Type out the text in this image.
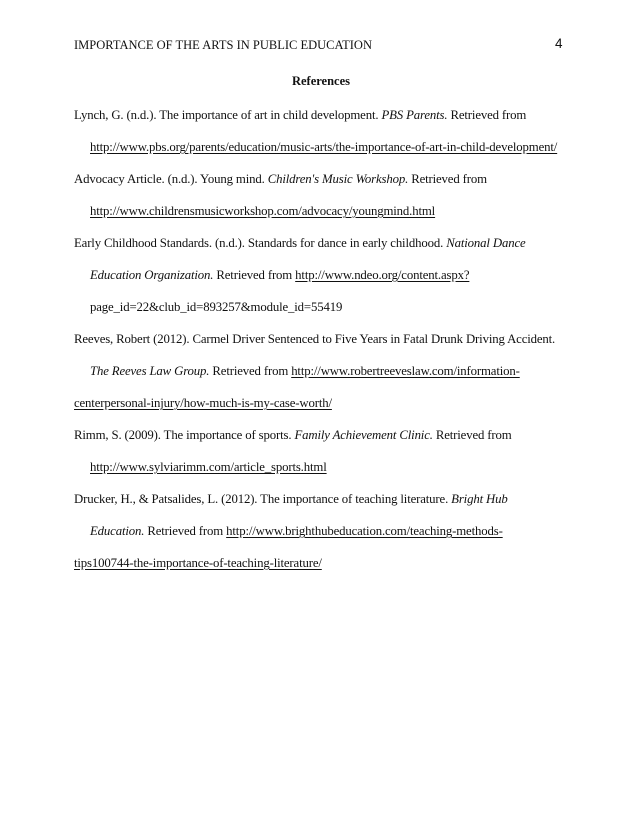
IMPORTANCE OF THE ARTS IN PUBLIC EDUCATION	4
References
Lynch, G. (n.d.). The importance of art in child development. PBS Parents. Retrieved from
http://www.pbs.org/parents/education/music-arts/the-importance-of-art-in-child-development/
Advocacy Article. (n.d.). Young mind. Children's Music Workshop. Retrieved from
http://www.childrensmusicworkshop.com/advocacy/youngmind.html
Early Childhood Standards. (n.d.). Standards for dance in early childhood. National Dance
Education Organization. Retrieved from http://www.ndeo.org/content.aspx?
page_id=22&club_id=893257&module_id=55419
Reeves, Robert (2012). Carmel Driver Sentenced to Five Years in Fatal Drunk Driving Accident.
The Reeves Law Group. Retrieved from http://www.robertreeveslaw.com/information-
centerpersonal-injury/how-much-is-my-case-worth/
Rimm, S. (2009). The importance of sports. Family Achievement Clinic. Retrieved from
http://www.sylviarimm.com/article_sports.html
Drucker, H., & Patsalides, L. (2012). The importance of teaching literature. Bright Hub
Education. Retrieved from http://www.brighthubeducation.com/teaching-methods-
tips100744-the-importance-of-teaching-literature/
